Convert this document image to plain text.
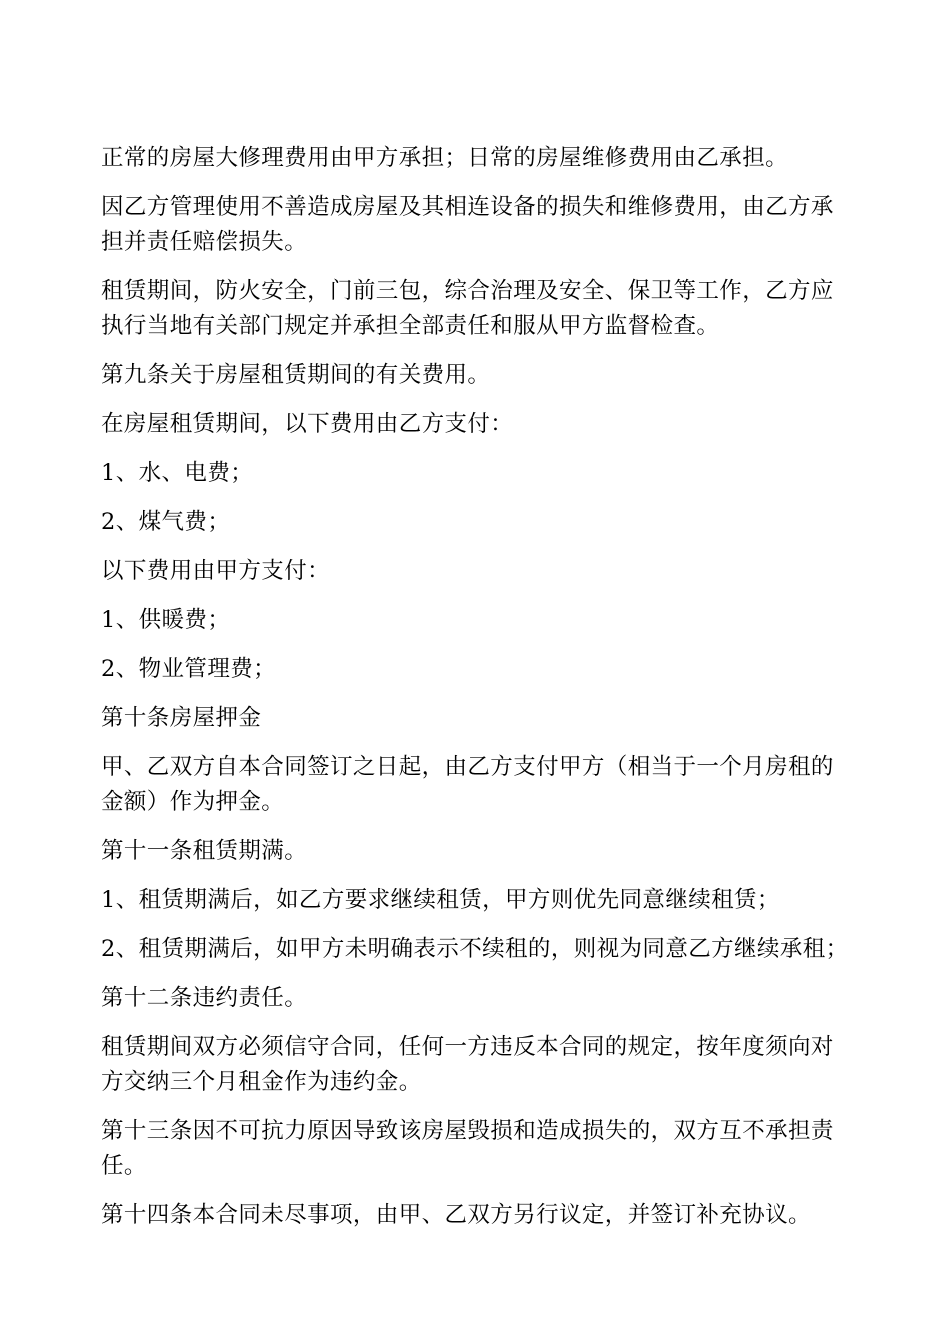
正常的房屋大修理费用由甲方承担；日常的房屋维修费用由乙承担。

因乙方管理使用不善造成房屋及其相连设备的损失和维修费用，由乙方承担并责任赔偿损失。

租赁期间，防火安全，门前三包，综合治理及安全、保卫等工作，乙方应执行当地有关部门规定并承担全部责任和服从甲方监督检查。

第九条关于房屋租赁期间的有关费用。

在房屋租赁期间，以下费用由乙方支付：

1、水、电费；

2、煤气费；

以下费用由甲方支付：

1、供暖费；

2、物业管理费；

第十条房屋押金

甲、乙双方自本合同签订之日起，由乙方支付甲方（相当于一个月房租的金额）作为押金。

第十一条租赁期满。

1、租赁期满后，如乙方要求继续租赁，甲方则优先同意继续租赁；

2、租赁期满后，如甲方未明确表示不续租的，则视为同意乙方继续承租；

第十二条违约责任。

租赁期间双方必须信守合同，任何一方违反本合同的规定，按年度须向对方交纳三个月租金作为违约金。

第十三条因不可抗力原因导致该房屋毁损和造成损失的，双方互不承担责任。

第十四条本合同未尽事项，由甲、乙双方另行议定，并签订补充协议。
